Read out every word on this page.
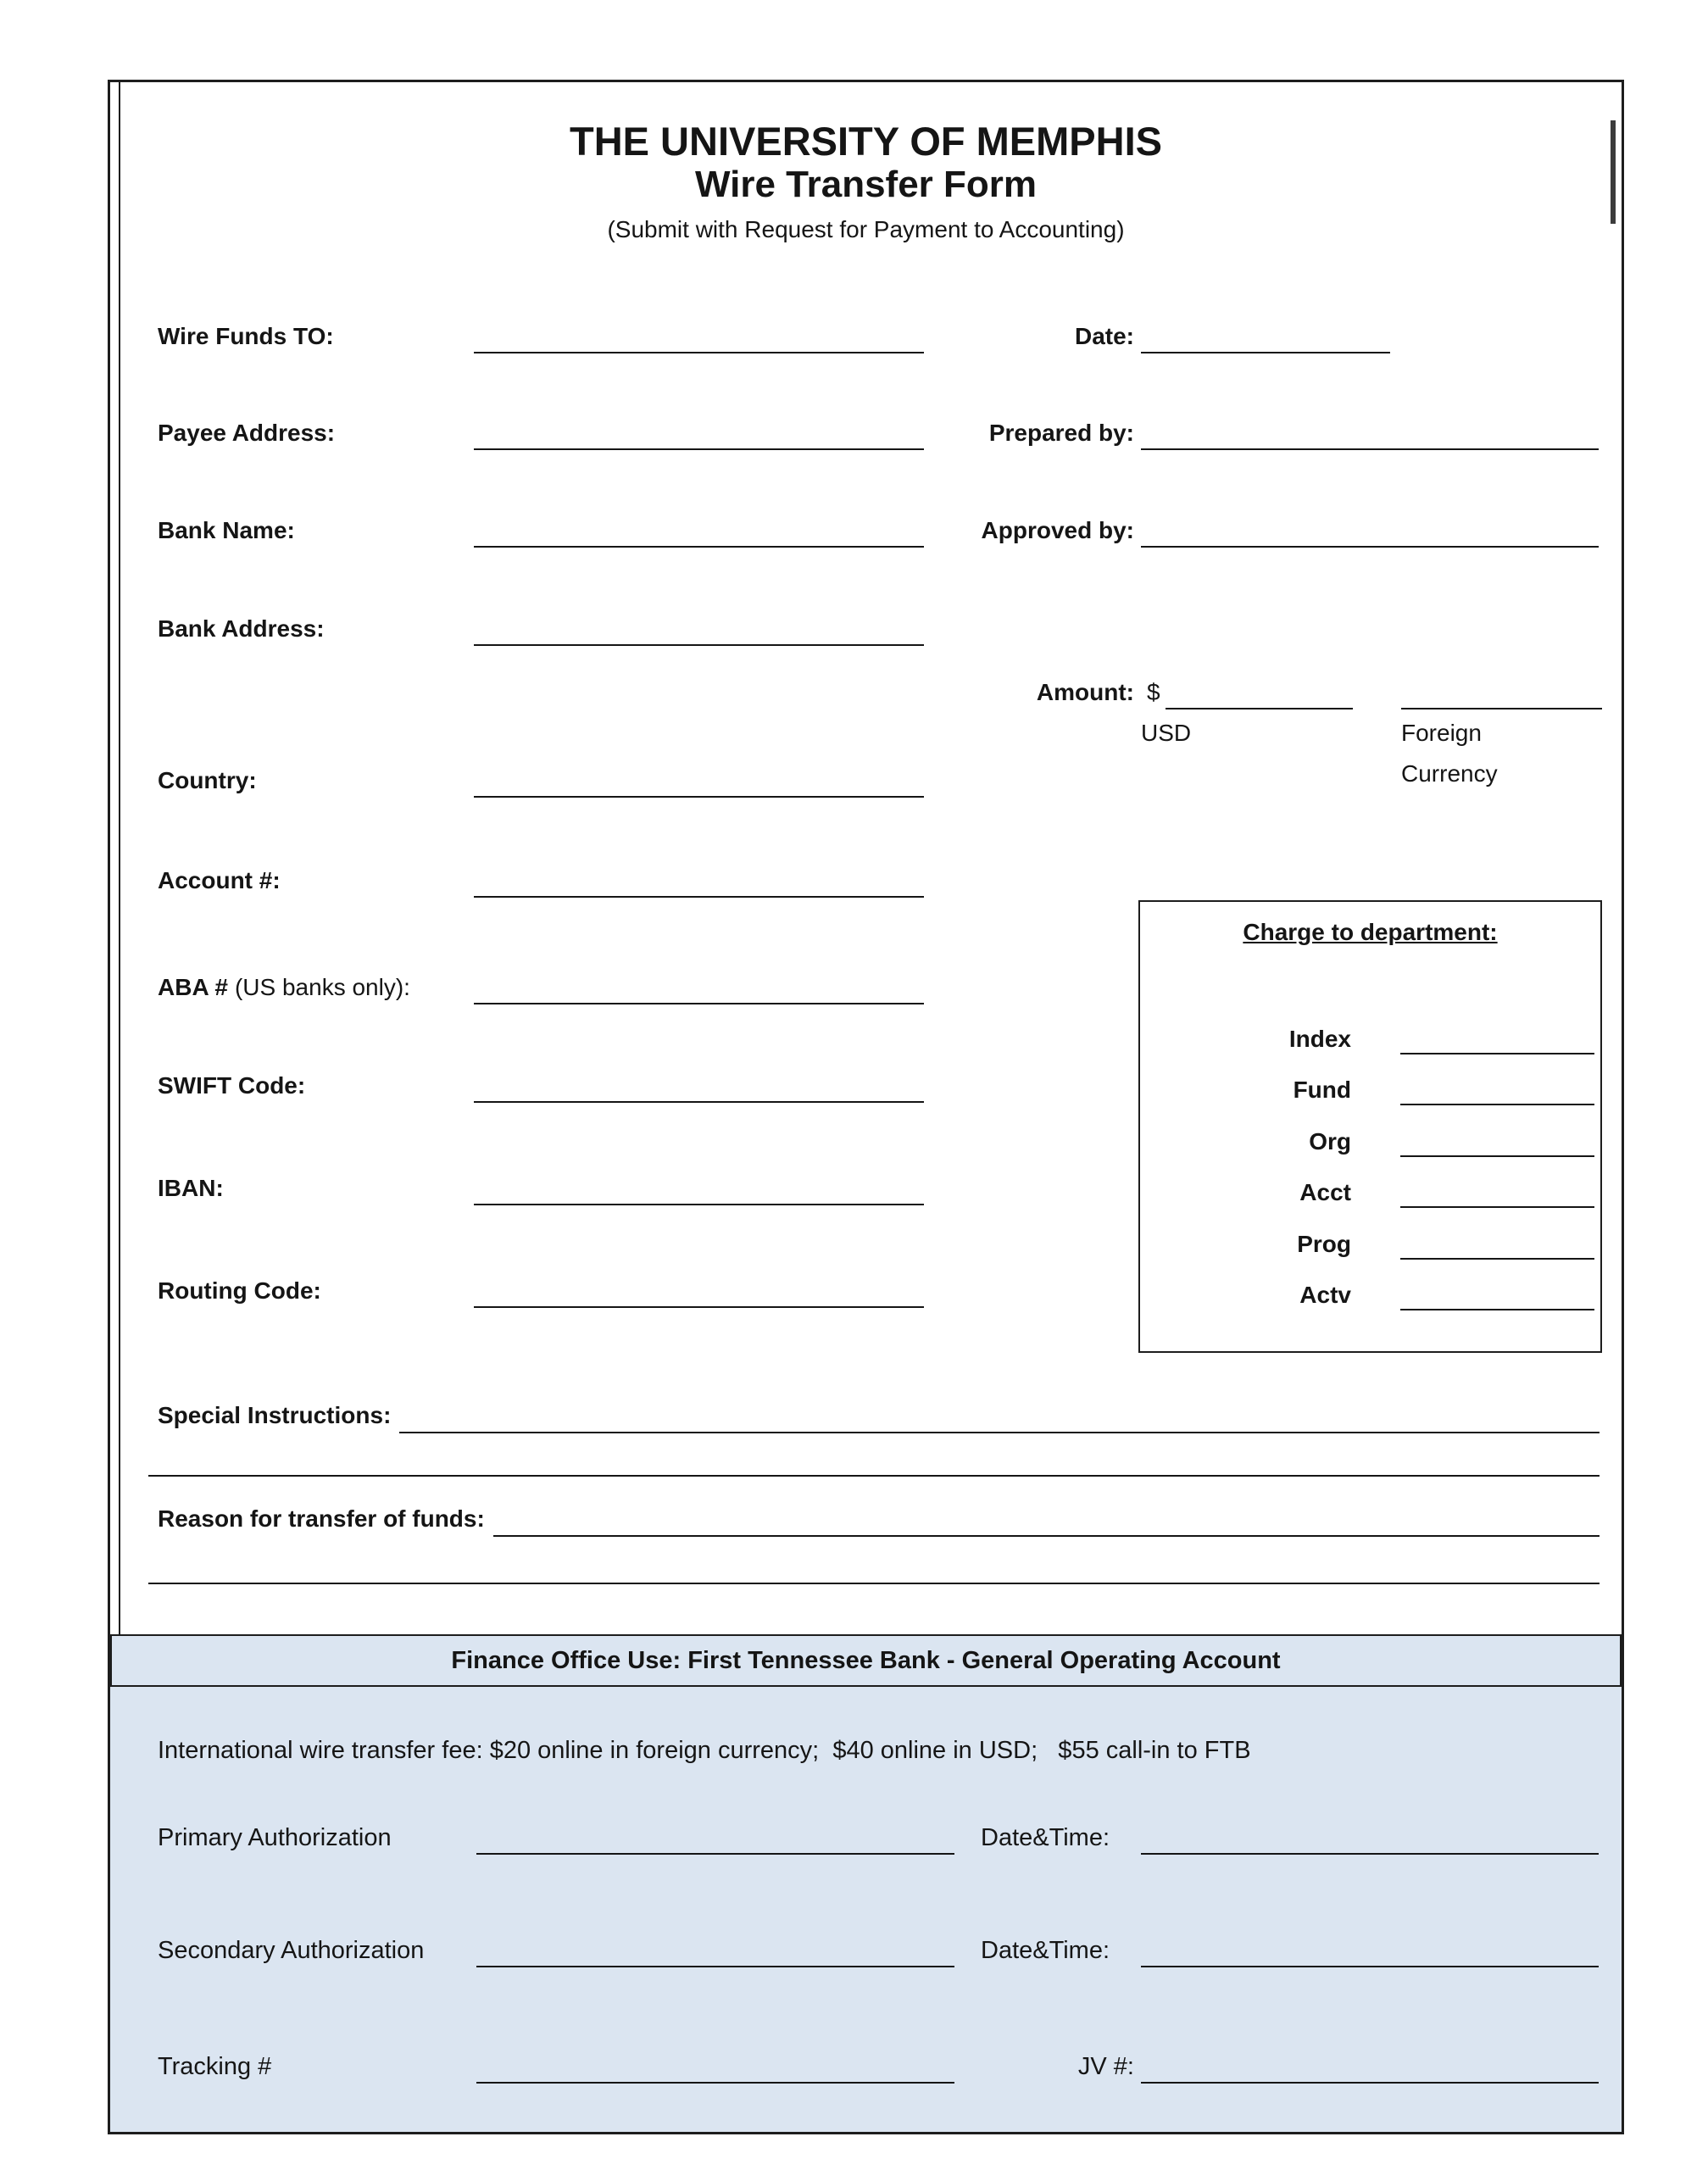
THE UNIVERSITY OF MEMPHIS
Wire Transfer Form
(Submit with Request for Payment to Accounting)
Wire Funds TO:
Payee Address:
Bank Name:
Bank Address:
Country:
Account #:
ABA # (US banks only):
SWIFT Code:
IBAN:
Routing Code:
Date:
Prepared by:
Approved by:
Amount: $
USD	Foreign
Currency
Charge to department:
Index
Fund
Org
Acct
Prog
Actv
Special Instructions:
Reason for transfer of funds:
Finance Office Use: First Tennessee Bank - General Operating Account
International wire transfer fee: $20 online in foreign currency;  $40 online in USD;   $55 call-in to FTB
Primary Authorization	Date&Time:
Secondary Authorization	Date&Time:
Tracking #	JV #:
